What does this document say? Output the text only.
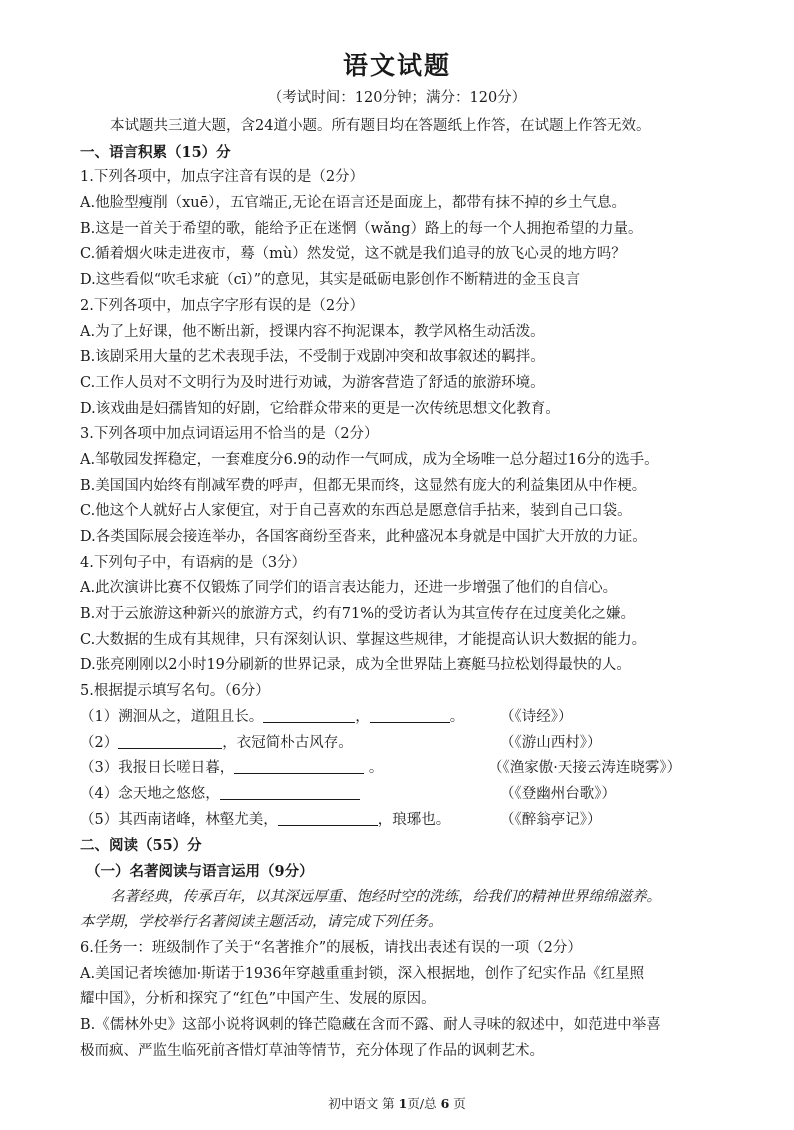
语文试题
（考试时间：120分钟；满分：120分）
本试题共三道大题，含24道小题。所有题目均在答题纸上作答，在试题上作答无效。
一、语言积累（15）分
1.下列各项中，加点字注音有误的是（2分）
A.他脸型瘦削（xuē），五官端正,无论在语言还是面庞上，都带有抹不掉的乡土气息。
B.这是一首关于希望的歌，能给予正在迷惘（wǎng）路上的每一个人拥抱希望的力量。
C.循着烟火味走进夜市，蓦（mù）然发觉，这不就是我们追寻的放飞心灵的地方吗？
D.这些看似“吹毛求疵（cī）”的意见，其实是砥砺电影创作不断精进的金玉良言
2.下列各项中，加点字字形有误的是（2分）
A.为了上好课，他不断出新，授课内容不拘泥课本，教学风格生动活泼。
B.该剧采用大量的艺术表现手法，不受制于戏剧冲突和故事叙述的羁拌。
C.工作人员对不文明行为及时进行劝诫，为游客营造了舒适的旅游环境。
D.该戏曲是妇孺皆知的好剧，它给群众带来的更是一次传统思想文化教育。
3.下列各项中加点词语运用不恰当的是（2分）
A.邹敬园发挥稳定，一套难度分6.9的动作一气呵成，成为全场唯一总分超过16分的选手。
B.美国国内始终有削减军费的呼声，但都无果而终，这显然有庞大的利益集团从中作梗。
C.他这个人就好占人家便宜，对于自己喜欢的东西总是愿意信手拈来，装到自己口袋。
D.各类国际展会接连举办，各国客商纷至沓来，此种盛况本身就是中国扩大开放的力证。
4.下列句子中，有语病的是（3分）
A.此次演讲比赛不仅锻炼了同学们的语言表达能力，还进一步增强了他们的自信心。
B.对于云旅游这种新兴的旅游方式，约有71%的受访者认为其宣传存在过度美化之嫌。
C.大数据的生成有其规律，只有深刻认识、掌握这些规律，才能提高认识大数据的能力。
D.张亮刚刚以2小时19分刷新的世界记录，成为全世界陆上赛艇马拉松划得最快的人。
5.根据提示填写名句。（6分）
（1）溯洄从之，道阻且长。	，	。 （《诗经》）
（2）	，衣冠简朴古风存。	（《游山西村》）
（3）我报日长嗟日暮，	。	（《渔家傲·天接云涛连晓雾》）
（4）念天地之悠悠，	（《登幽州台歌》）
（5）其西南诸峰，林壑尤美，	，琅琊也。	（《醉翁亭记》）
二、阅读（55）分
（一）名著阅读与语言运用（9分）
名著经典，传承百年，以其深远厚重、饱经时空的洗练，给我们的精神世界绵绵滋养。
本学期，学校举行名著阅读主题活动，请完成下列任务。
6.任务一：班级制作了关于“名著推介”的展板，请找出表述有误的一项（2分）
A.美国记者埃德加·斯诺于1936年穿越重重封锁，深入根据地，创作了纪实作品《红星照
耀中国》，分析和探究了“红色”中国产生、发展的原因。
B.《儒林外史》这部小说将讽刺的锋芒隐藏在含而不露、耐人寻味的叙述中，如范进中举喜
极而疯、严监生临死前吝惜灯草油等情节，充分体现了作品的讽刺艺术。
初中语文 第 1页/总 6 页
